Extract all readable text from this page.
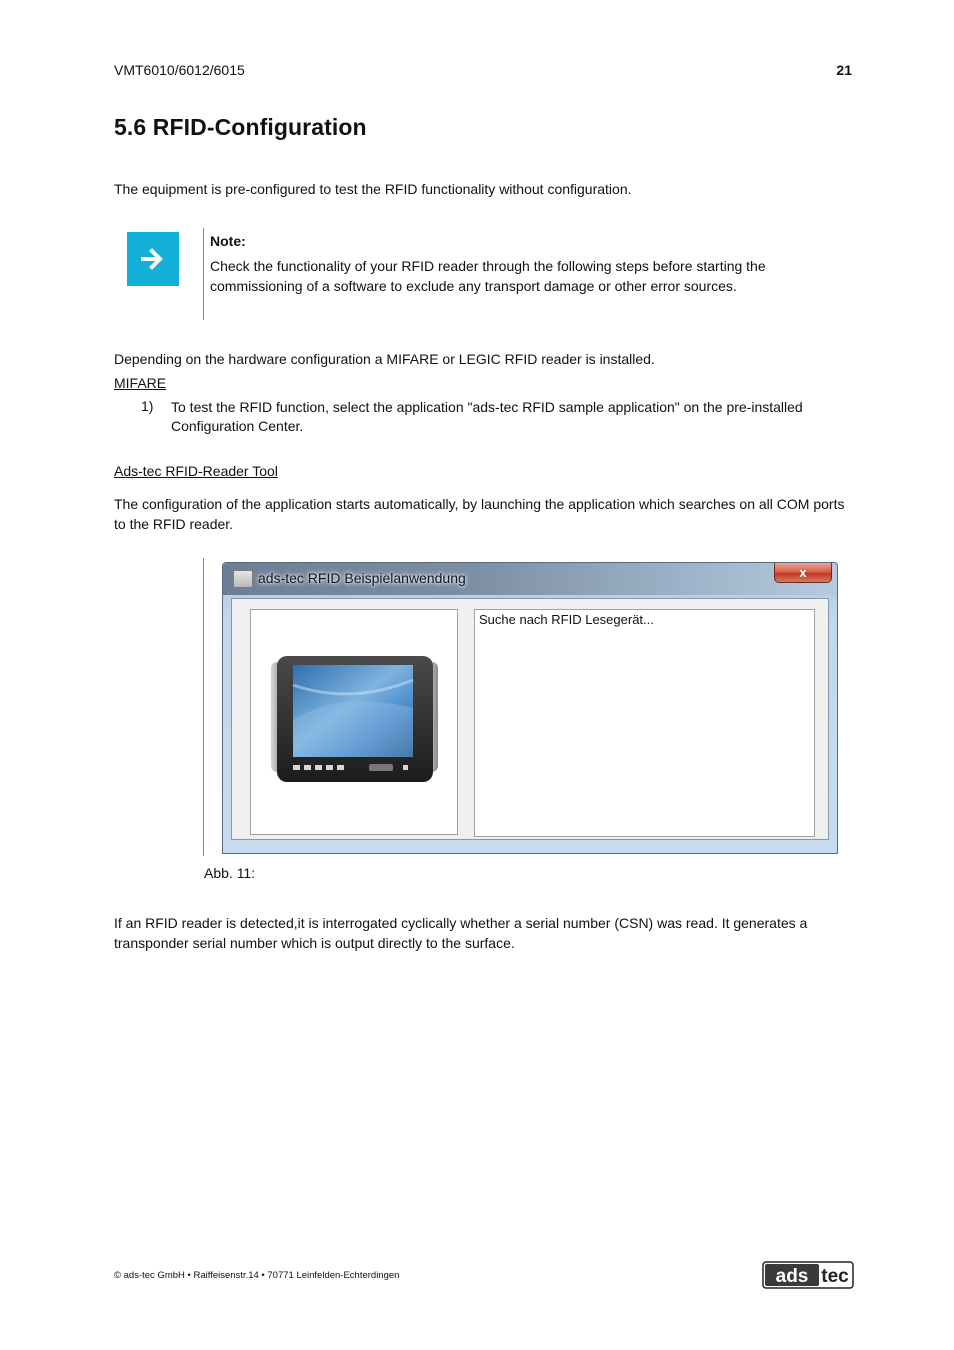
VMT6010/6012/6015	21
5.6 RFID-Configuration
The equipment is pre-configured to test the RFID functionality without configuration.
Note:
Check the functionality of your RFID reader through the following steps before starting the commissioning of a software to exclude any transport damage or other error sources.
Depending on the hardware configuration a MIFARE or LEGIC RFID reader is installed.
MIFARE
1) To test the RFID function, select the application "ads-tec RFID sample application" on the pre-installed Configuration Center.
Ads-tec RFID-Reader Tool
The configuration of the application starts automatically, by launching the application which searches on all COM ports to the RFID reader.
ads-tec RFID Beispielanwendung	x
Suche nach RFID Lesegerät...
Abb. 11:
If an RFID reader is detected,it is interrogated cyclically whether a serial number (CSN) was read. It generates a transponder serial number which is output directly to the surface.
© ads-tec GmbH • Raiffeisenstr.14 • 70771 Leinfelden-Echterdingen	ads tec
